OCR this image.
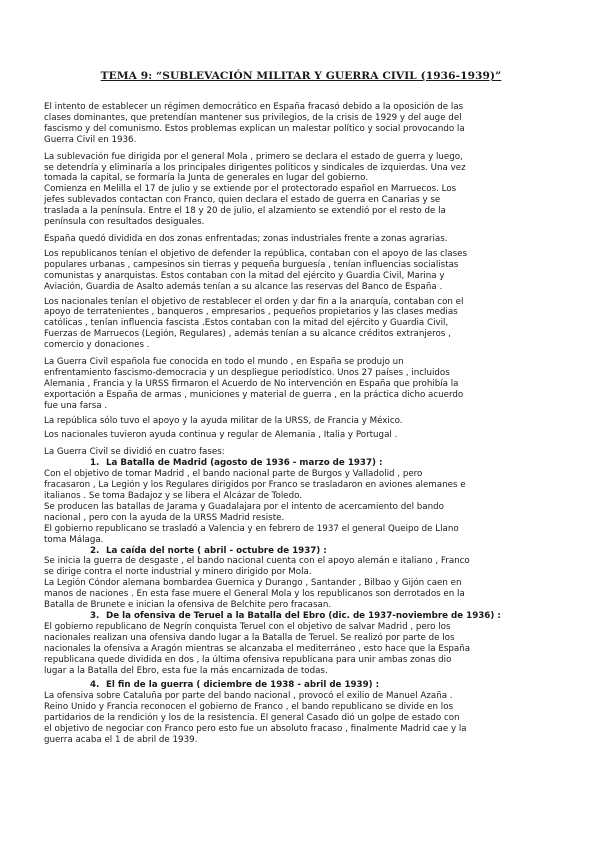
TEMA 9: “SUBLEVACIÓN MILITAR Y GUERRA CIVIL (1936-1939)”

El intento de establecer un régimen democrático en España fracasó debido a la oposición de las

clases dominantes, que pretendían mantener sus privilegios, de la crisis de 1929 y del auge del

fascismo y del comunismo. Estos problemas explican un malestar político y social provocando la

Guerra Civil en 1936.

La sublevación fue dirigida por el general Mola , primero se declara el estado de guerra y luego,

se detendría y eliminaría a los principales dirigentes políticos y sindicales de izquierdas. Una vez

tomada la capital, se formaría la Junta de generales en lugar del gobierno.

Comienza en Melilla el 17 de julio y se extiende por el protectorado español en Marruecos. Los

jefes sublevados contactan con Franco, quien declara el estado de guerra en Canarias y se

traslada a la península. Entre el 18 y 20 de julio, el alzamiento se extendió por el resto de la

península con resultados desiguales.

España quedó dividida en dos zonas enfrentadas; zonas industriales frente a zonas agrarias.

Los republicanos tenían el objetivo de defender la república, contaban con el apoyo de las clases

populares urbanas , campesinos sin tierras y pequeña burguesía , tenían influencias socialistas

comunistas y anarquistas. Estos contaban con la mitad del ejército y Guardia Civil, Marina y

Aviación, Guardia de Asalto además tenían a su alcance las reservas del Banco de España .

Los nacionales tenían el objetivo de restablecer el orden y dar fin a la anarquía, contaban con el

apoyo de terratenientes , banqueros , empresarios , pequeños propietarios y las clases medias

católicas , tenían influencia fascista .Estos contaban con la mitad del ejército y Guardia Civil,

Fuerzas de Marruecos (Legión, Regulares) , además tenían a su alcance créditos extranjeros ,

comercio y donaciones .

La Guerra Civil española fue conocida en todo el mundo , en España se produjo un

enfrentamiento fascismo-democracia y un despliegue periodístico. Unos 27 países , incluidos

Alemania , Francia y la URSS firmaron el Acuerdo de No intervención en España que prohibía la

exportación a España de armas , municiones y material de guerra , en la práctica dicho acuerdo

fue una farsa .

La república sólo tuvo el apoyo y la ayuda militar de la URSS, de Francia y México.

Los nacionales tuvieron ayuda continua y regular de Alemania , Italia y Portugal .

La Guerra Civil se dividió en cuatro fases:

1. La Batalla de Madrid (agosto de 1936 - marzo de 1937) :

Con el objetivo de tomar Madrid , el bando nacional parte de Burgos y Valladolid , pero

fracasaron , La Legión y los Regulares dirigidos por Franco se trasladaron en aviones alemanes e

italianos . Se toma Badajoz y se libera el Alcázar de Toledo.

Se producen las batallas de Jarama y Guadalajara por el intento de acercamiento del bando

nacional , pero con la ayuda de la URSS Madrid resiste.

El gobierno republicano se trasladó a Valencia y en febrero de 1937 el general Queipo de Llano

toma Málaga.

2. La caída del norte ( abril - octubre de 1937) :

Se inicia la guerra de desgaste , el bando nacional cuenta con el apoyo alemán e italiano , Franco

se dirige contra el norte industrial y minero dirigido por Mola.

La Legión Cóndor alemana bombardea Guernica y Durango , Santander , Bilbao y Gijón caen en

manos de naciones . En esta fase muere el General Mola y los republicanos son derrotados en la

Batalla de Brunete e inician la ofensiva de Belchite pero fracasan.

3. De la ofensiva de Teruel a la Batalla del Ebro (dic. de 1937-noviembre de 1936) :

El gobierno republicano de Negrín conquista Teruel con el objetivo de salvar Madrid , pero los

nacionales realizan una ofensiva dando lugar a la Batalla de Teruel. Se realizó por parte de los

nacionales la ofensiva a Aragón mientras se alcanzaba el mediterráneo , esto hace que la España

republicana quede dividida en dos , la última ofensiva republicana para unir ambas zonas dio

lugar a la Batalla del Ebro, esta fue la más encarnizada de todas.

4. El fin de la guerra ( diciembre de 1938 - abril de 1939) :

La ofensiva sobre Cataluña por parte del bando nacional , provocó el exilio de Manuel Azaña .

Reino Unido y Francia reconocen el gobierno de Franco , el bando republicano se divide en los

partidarios de la rendición y los de la resistencia. El general Casado dió un golpe de estado con

el objetivo de negociar con Franco pero esto fue un absoluto fracaso , finalmente Madrid cae y la

guerra acaba el 1 de abril de 1939.
